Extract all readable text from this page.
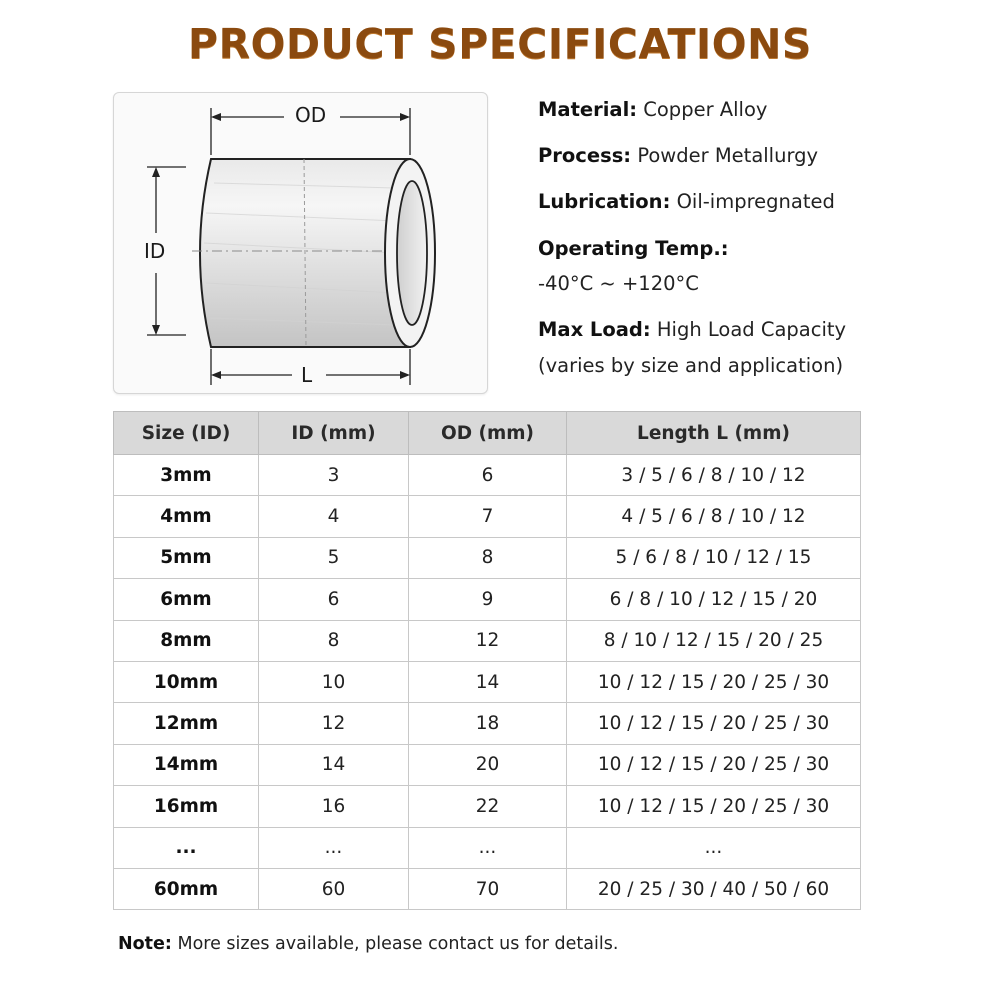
PRODUCT SPECIFICATIONS
OD
ID
L
Material: Copper Alloy
Process: Powder Metallurgy
Lubrication: Oil-impregnated
Operating Temp.:
-40°C ~ +120°C
Max Load: High Load Capacity
(varies by size and application)
Size (ID)	ID (mm)	OD (mm)	Length L (mm)
3mm	3	6	3 / 5 / 6 / 8 / 10 / 12
4mm	4	7	4 / 5 / 6 / 8 / 10 / 12
5mm	5	8	5 / 6 / 8 / 10 / 12 / 15
6mm	6	9	6 / 8 / 10 / 12 / 15 / 20
8mm	8	12	8 / 10 / 12 / 15 / 20 / 25
10mm	10	14	10 / 12 / 15 / 20 / 25 / 30
12mm	12	18	10 / 12 / 15 / 20 / 25 / 30
14mm	14	20	10 / 12 / 15 / 20 / 25 / 30
16mm	16	22	10 / 12 / 15 / 20 / 25 / 30
...	...	...	...
60mm	60	70	20 / 25 / 30 / 40 / 50 / 60
Note: More sizes available, please contact us for details.
